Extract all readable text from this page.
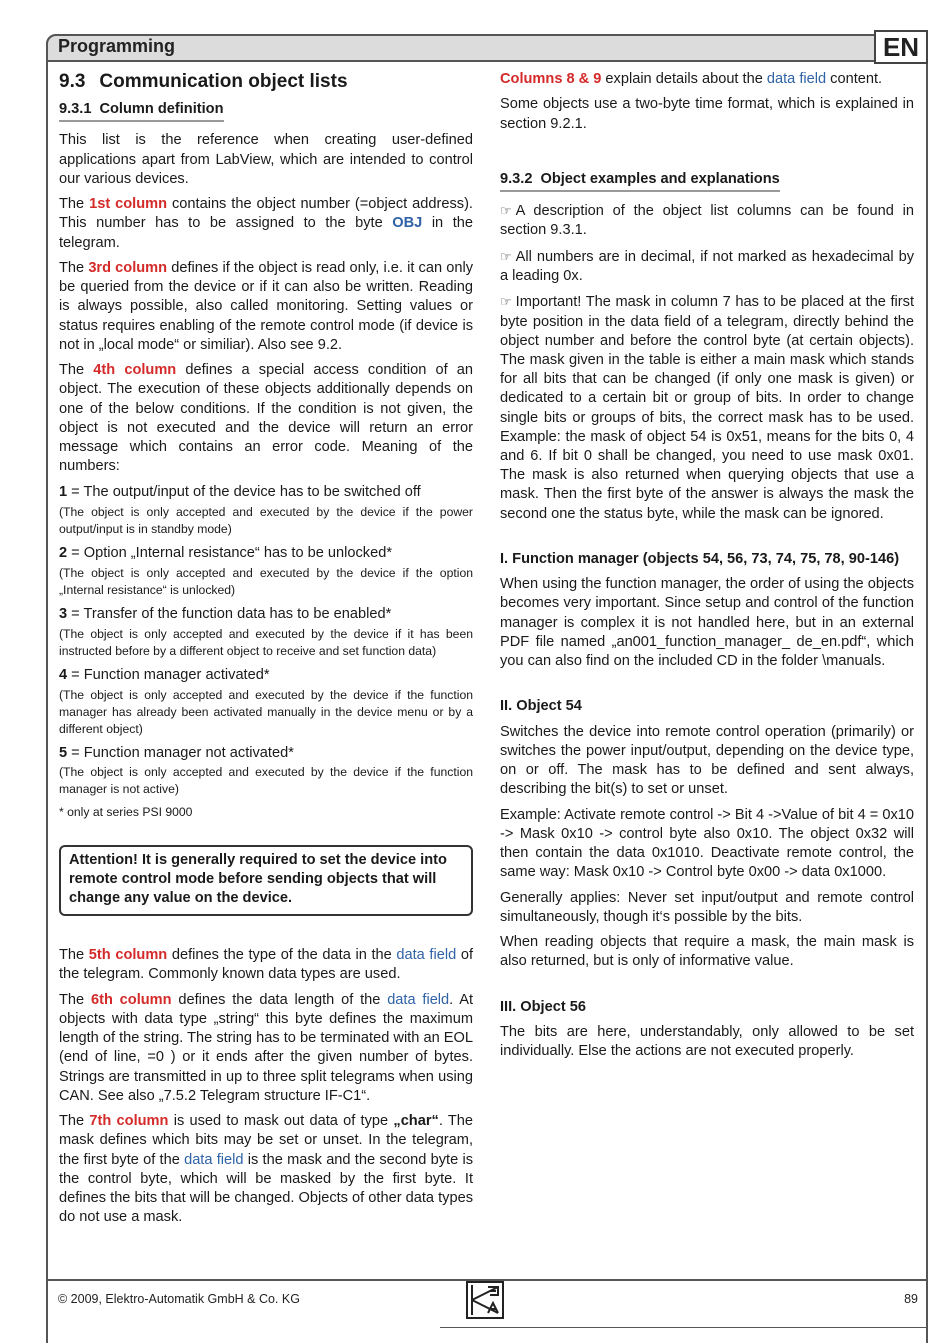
Programming	EN
9.3 Communication object lists
9.3.1 Column definition

This list is the reference when creating user-defined applications apart from LabView, which are intended to control our various devices.

The 1st column contains the object number (=object address). This number has to be assigned to the byte OBJ in the telegram.

The 3rd column defines if the object is read only, i.e. it can only be queried from the device or if it can also be written. Reading is always possible, also called monitoring. Setting values or status requires enabling of the remote control mode (if device is not in „local mode“ or similiar). Also see 9.2.

The 4th column defines a special access condition of an object. The execution of these objects additionally depends on one of the below conditions. If the condition is not given, the object is not executed and the device will return an error message which contains an error code. Meaning of the numbers:

1 = The output/input of the device has to be switched off

(The object is only accepted and executed by the device if the power output/input is in standby mode)

2 = Option „Internal resistance“ has to be unlocked*

(The object is only accepted and executed by the device if the option „Internal resistance“ is unlocked)

3 = Transfer of the function data has to be enabled*

(The object is only accepted and executed by the device if it has been instructed before by a different object to receive and set function data)

4 = Function manager activated*

(The object is only accepted and executed by the device if the function manager has already been activated manually in the device menu or by a different object)

5 = Function manager not activated*

(The object is only accepted and executed by the device if the function manager is not active)

* only at series PSI 9000

Attention! It is generally required to set the device into remote control mode before sending objects that will change any value on the device.

The 5th column defines the type of the data in the data field of the telegram. Commonly known data types are used.

The 6th column defines the data length of the data field. At objects with data type „string“ this byte defines the maximum length of the string. The string has to be terminated with an EOL (end of line, =0 ) or it ends after the given number of bytes. Strings are transmitted in up to three split telegrams when using CAN. See also „7.5.2 Telegram structure IF-C1“.

The 7th column is used to mask out data of type „char“. The mask defines which bits may be set or unset. In the telegram, the first byte of the data field is the mask and the second byte is the control byte, which will be masked by the first byte. It defines the bits that will be changed. Objects of other data types do not use a mask.

Columns 8 & 9 explain details about the data field content.

Some objects use a two-byte time format, which is explained in section 9.2.1.

9.3.2 Object examples and explanations

☞ A description of the object list columns can be found in section 9.3.1.

☞ All numbers are in decimal, if not marked as hexadecimal by a leading 0x.

☞ Important! The mask in column 7 has to be placed at the first byte position in the data field of a telegram, directly behind the object number and before the control byte (at certain objects). The mask given in the table is either a main mask which stands for all bits that can be changed (if only one mask is given) or dedicated to a certain bit or group of bits. In order to change single bits or groups of bits, the correct mask has to be used. Example: the mask of object 54 is 0x51, means for the bits 0, 4 and 6. If bit 0 shall be changed, you need to use mask 0x01. The mask is also returned when querying objects that use a mask. Then the first byte of the answer is always the mask the second one the status byte, while the mask can be ignored.

I. Function manager (objects 54, 56, 73, 74, 75, 78, 90-146)

When using the function manager, the order of using the objects becomes very important. Since setup and control of the function manager is complex it is not handled here, but in an external PDF file named „an001_function_manager_ de_en.pdf“, which you can also find on the included CD in the folder \manuals.

II. Object 54

Switches the device into remote control operation (primarily) or switches the power input/output, depending on the device type, on or off. The mask has to be defined and sent always, describing the bit(s) to set or unset.

Example: Activate remote control -> Bit 4 ->Value of bit 4 = 0x10 -> Mask 0x10 -> control byte also 0x10. The object 0x32 will then contain the data 0x1010. Deactivate remote control, the same way: Mask 0x10 -> Control byte 0x00 -> data 0x1000.

Generally applies: Never set input/output and remote control simultaneously, though it‘s possible by the bits.

When reading objects that require a mask, the main mask is also returned, but is only of informative value.

III. Object 56

The bits are here, understandably, only allowed to be set individually. Else the actions are not executed properly.

© 2009, Elektro-Automatik GmbH & Co. KG	89
